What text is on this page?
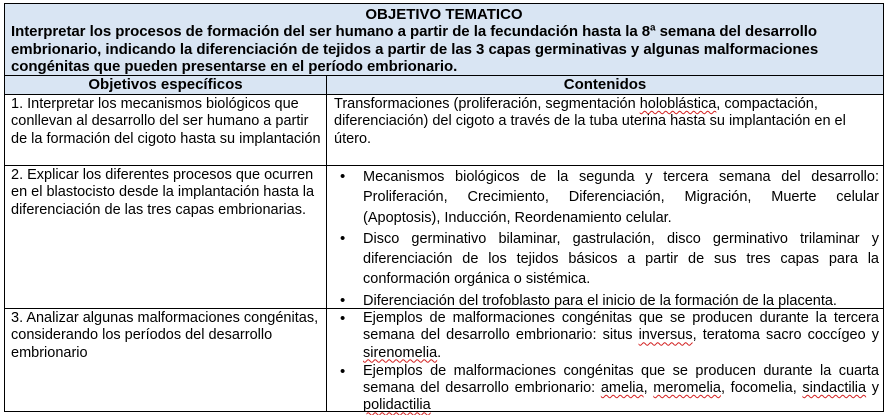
OBJETIVO TEMATICO
Interpretar los procesos de formación del ser humano a partir de la fecundación hasta la 8ª semana del desarrollo embrionario, indicando la diferenciación de tejidos a partir de las 3 capas germinativas y algunas malformaciones congénitas que pueden presentarse en el período embrionario.
Objetivos específicos	Contenidos
1. Interpretar los mecanismos biológicos que conllevan al desarrollo del ser humano a partir de la formación del cigoto hasta su implantación
Transformaciones (proliferación, segmentación holoblástica, compactación, diferenciación) del cigoto a través de la tuba uterina hasta su implantación en el útero.
2. Explicar los diferentes procesos que ocurren en el blastocisto desde la implantación hasta la diferenciación de las tres capas embrionarias.
• Mecanismos biológicos de la segunda y tercera semana del desarrollo: Proliferación, Crecimiento, Diferenciación, Migración, Muerte celular (Apoptosis), Inducción, Reordenamiento celular.
• Disco germinativo bilaminar, gastrulación, disco germinativo trilaminar y diferenciación de los tejidos básicos a partir de sus tres capas para la conformación orgánica o sistémica.
• Diferenciación del trofoblasto para el inicio de la formación de la placenta.
3. Analizar algunas malformaciones congénitas, considerando los períodos del desarrollo embrionario
• Ejemplos de malformaciones congénitas que se producen durante la tercera semana del desarrollo embrionario: situs inversus, teratoma sacro coccígeo y sirenomelia.
• Ejemplos de malformaciones congénitas que se producen durante la cuarta semana del desarrollo embrionario: amelia, meromelia, focomelia, sindactilia y polidactilia
